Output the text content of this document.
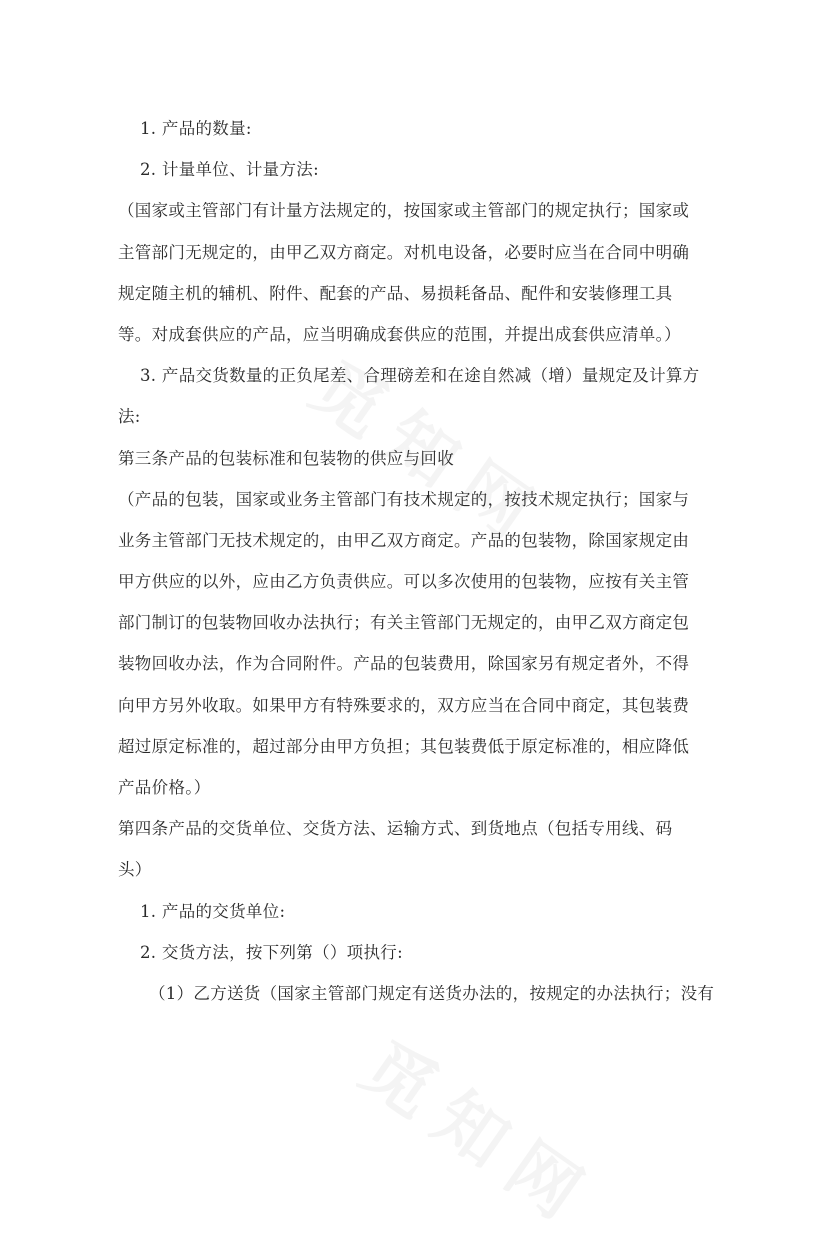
1. 产品的数量:
2. 计量单位、计量方法:
（国家或主管部门有计量方法规定的，按国家或主管部门的规定执行；国家或
主管部门无规定的，由甲乙双方商定。对机电设备，必要时应当在合同中明确
规定随主机的辅机、附件、配套的产品、易损耗备品、配件和安装修理工具
等。对成套供应的产品，应当明确成套供应的范围，并提出成套供应清单。）
3. 产品交货数量的正负尾差、合理磅差和在途自然减（增）量规定及计算方
法:
第三条产品的包装标准和包装物的供应与回收
（产品的包装，国家或业务主管部门有技术规定的，按技术规定执行；国家与
业务主管部门无技术规定的，由甲乙双方商定。产品的包装物，除国家规定由
甲方供应的以外，应由乙方负责供应。可以多次使用的包装物，应按有关主管
部门制订的包装物回收办法执行；有关主管部门无规定的，由甲乙双方商定包
装物回收办法，作为合同附件。产品的包装费用，除国家另有规定者外，不得
向甲方另外收取。如果甲方有特殊要求的，双方应当在合同中商定，其包装费
超过原定标准的，超过部分由甲方负担；其包装费低于原定标准的，相应降低
产品价格。）
第四条产品的交货单位、交货方法、运输方式、到货地点（包括专用线、码
头）
1. 产品的交货单位:
2. 交货方法，按下列第（）项执行:
（1）乙方送货（国家主管部门规定有送货办法的，按规定的办法执行；没有
